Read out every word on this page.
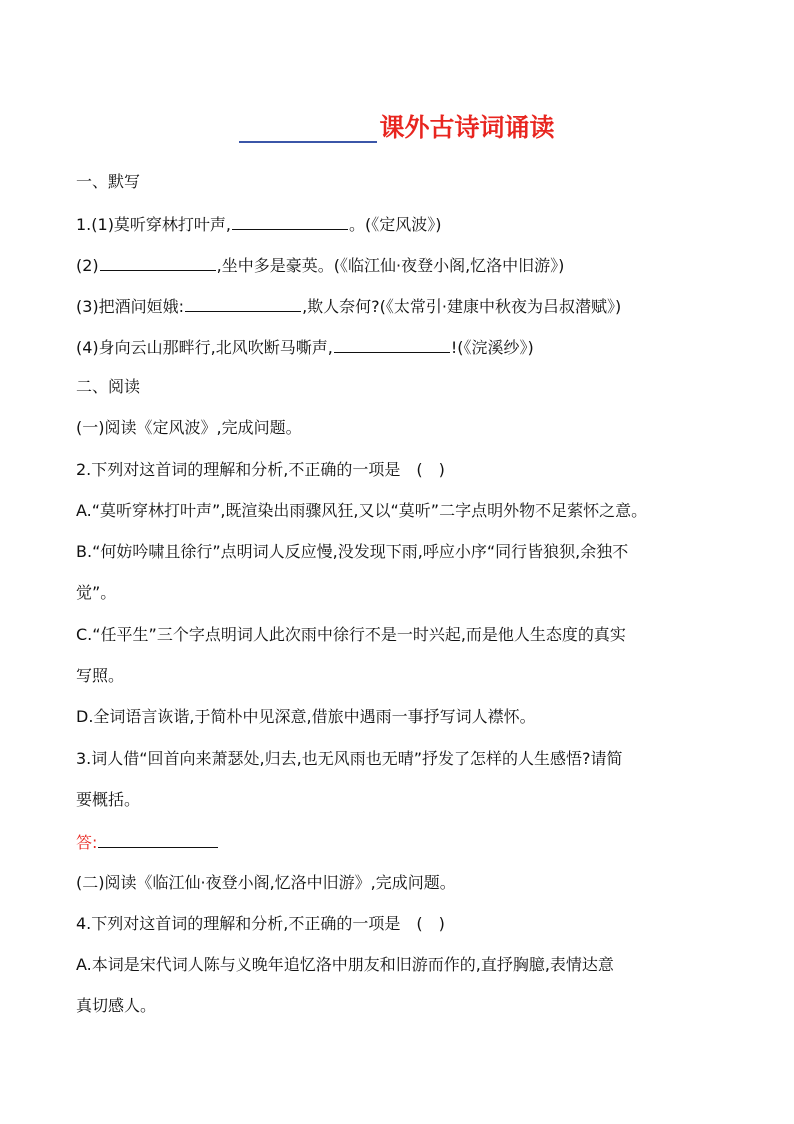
课外古诗词诵读
一、默写
1.(1)莫听穿林打叶声,	。(《定风波》)
(2)	,坐中多是豪英。(《临江仙·夜登小阁,忆洛中旧游》)
(3)把酒问姮娥:	,欺人奈何?(《太常引·建康中秋夜为吕叔潜赋》)
(4)身向云山那畔行,北风吹断马嘶声,	!(《浣溪纱》)
二、阅读
(一)阅读《定风波》,完成问题。
2.下列对这首词的理解和分析,不正确的一项是　(　)
A.“莫听穿林打叶声”,既渲染出雨骤风狂,又以“莫听”二字点明外物不足萦怀之意。
B.“何妨吟啸且徐行”点明词人反应慢,没发现下雨,呼应小序“同行皆狼狈,余独不
觉”。
C.“任平生”三个字点明词人此次雨中徐行不是一时兴起,而是他人生态度的真实
写照。
D.全词语言诙谐,于简朴中见深意,借旅中遇雨一事抒写词人襟怀。
3.词人借“回首向来萧瑟处,归去,也无风雨也无晴”抒发了怎样的人生感悟?请简
要概括。
答:
(二)阅读《临江仙·夜登小阁,忆洛中旧游》,完成问题。
4.下列对这首词的理解和分析,不正确的一项是　(　)
A.本词是宋代词人陈与义晚年追忆洛中朋友和旧游而作的,直抒胸臆,表情达意
真切感人。
